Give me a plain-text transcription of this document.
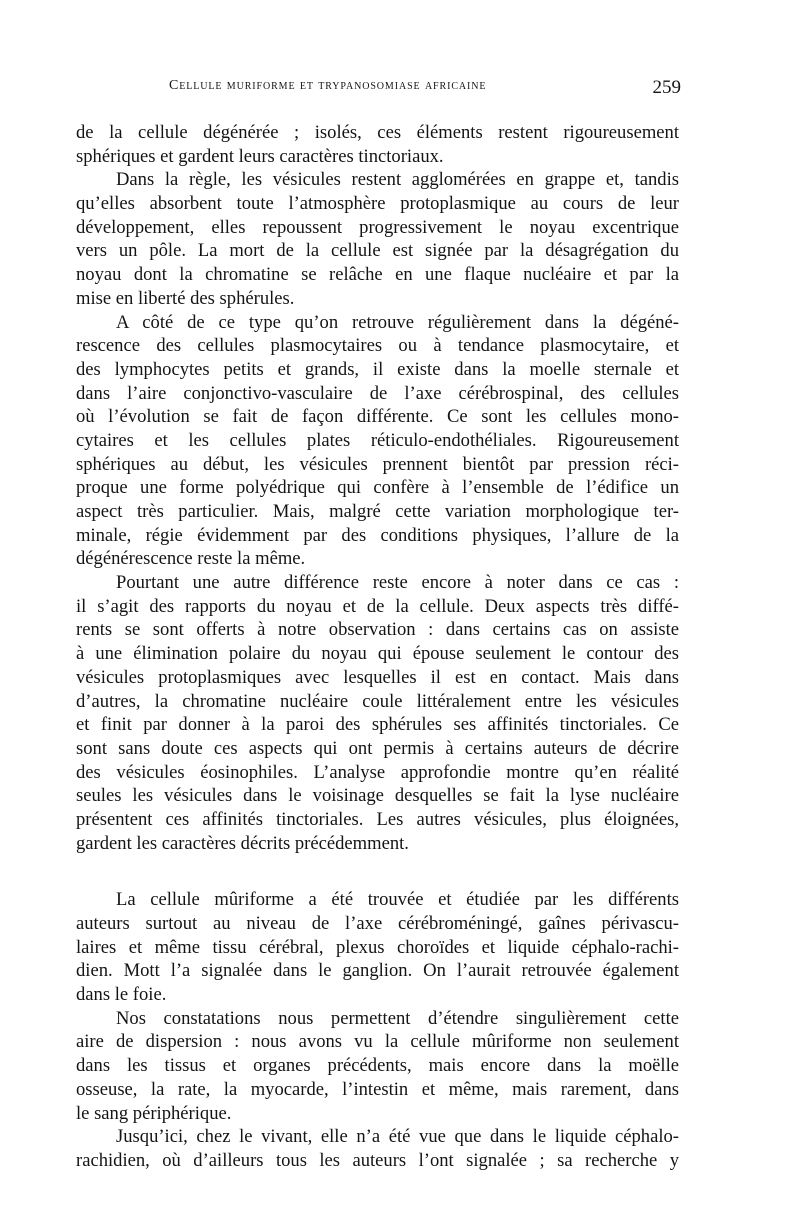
Cellule muriforme et trypanosomiase africaine	259
de la cellule dégénérée ; isolés, ces éléments restent rigoureusement
sphériques et gardent leurs caractères tinctoriaux.
Dans la règle, les vésicules restent agglomérées en grappe et, tandis
qu’elles absorbent toute l’atmosphère protoplasmique au cours de leur
développement, elles repoussent progressivement le noyau excentrique
vers un pôle. La mort de la cellule est signée par la désagrégation du
noyau dont la chromatine se relâche en une flaque nucléaire et par la
mise en liberté des sphérules.
A côté de ce type qu’on retrouve régulièrement dans la dégéné-
rescence des cellules plasmocytaires ou à tendance plasmocytaire, et
des lymphocytes petits et grands, il existe dans la moelle sternale et
dans l’aire conjonctivo-vasculaire de l’axe cérébrospinal, des cellules
où l’évolution se fait de façon différente. Ce sont les cellules mono-
cytaires et les cellules plates réticulo-endothéliales. Rigoureusement
sphériques au début, les vésicules prennent bientôt par pression réci-
proque une forme polyédrique qui confère à l’ensemble de l’édifice un
aspect très particulier. Mais, malgré cette variation morphologique ter-
minale, régie évidemment par des conditions physiques, l’allure de la
dégénérescence reste la même.
Pourtant une autre différence reste encore à noter dans ce cas :
il s’agit des rapports du noyau et de la cellule. Deux aspects très diffé-
rents se sont offerts à notre observation : dans certains cas on assiste
à une élimination polaire du noyau qui épouse seulement le contour des
vésicules protoplasmiques avec lesquelles il est en contact. Mais dans
d’autres, la chromatine nucléaire coule littéralement entre les vésicules
et finit par donner à la paroi des sphérules ses affinités tinctoriales. Ce
sont sans doute ces aspects qui ont permis à certains auteurs de décrire
des vésicules éosinophiles. L’analyse approfondie montre qu’en réalité
seules les vésicules dans le voisinage desquelles se fait la lyse nucléaire
présentent ces affinités tinctoriales. Les autres vésicules, plus éloignées,
gardent les caractères décrits précédemment.
La cellule mûriforme a été trouvée et étudiée par les différents
auteurs surtout au niveau de l’axe cérébroméningé, gaînes périvascu-
laires et même tissu cérébral, plexus choroïdes et liquide céphalo-rachi-
dien. Mott l’a signalée dans le ganglion. On l’aurait retrouvée également
dans le foie.
Nos constatations nous permettent d’étendre singulièrement cette
aire de dispersion : nous avons vu la cellule mûriforme non seulement
dans les tissus et organes précédents, mais encore dans la moëlle
osseuse, la rate, la myocarde, l’intestin et même, mais rarement, dans
le sang périphérique.
Jusqu’ici, chez le vivant, elle n’a été vue que dans le liquide céphalo-
rachidien, où d’ailleurs tous les auteurs l’ont signalée ; sa recherche y
